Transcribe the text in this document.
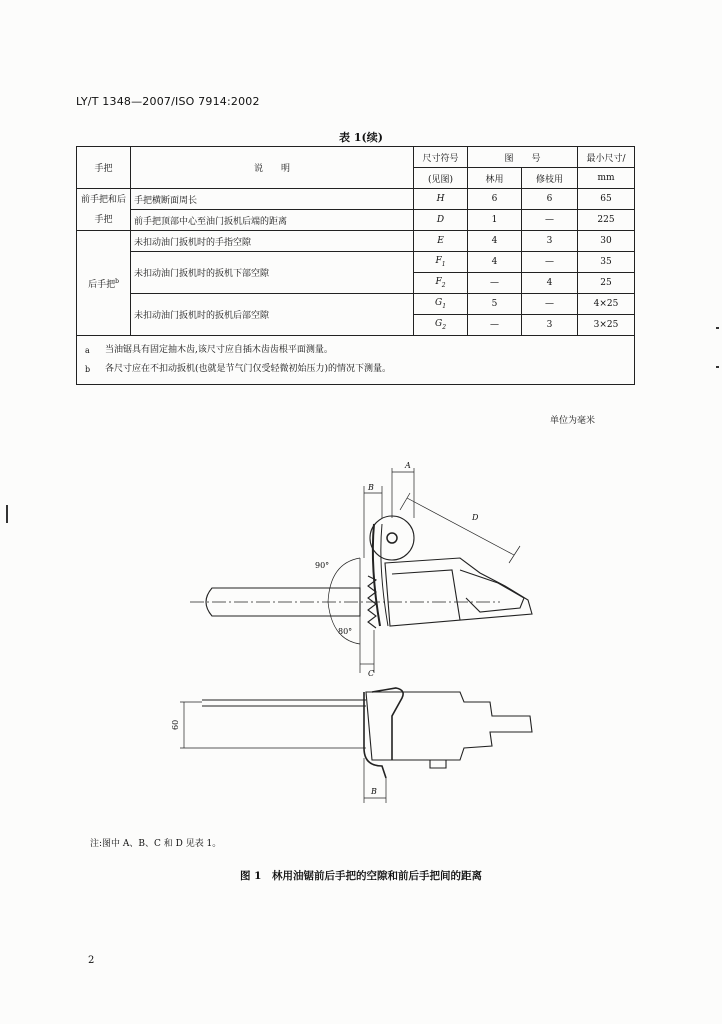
LY/T 1348—2007/ISO 7914:2002
表 1(续)
手把	说　　明	尺寸符号	图　　号		最小尺寸/
		(见图)	林用	修枝用	mm
前手把和后手把	手把横断面周长	H	6	6	65
	前手把顶部中心至油门扳机后端的距离	D	1	—	225
后手把$^b$	未扣动油门扳机时的手指空隙	E	4	3	30
	未扣动油门扳机时的扳机下部空隙	$F_1$	4	—	35
		$F_2$	—	4	25
	未扣动油门扳机时的扳机后部空隙	$G_1$	5	—	4×25
		$G_2$	—	3	3×25

a 当油锯具有固定抽木齿,该尺寸应自插木齿齿根平面测量。
b 各尺寸应在不扣动扳机(也就是节气门仅受轻微初始压力)的情况下测量。					
单位为毫米
A
B
D
90°
80°
C
60
B
注:图中 A、B、C 和 D 见表 1。
图 1　林用油锯前后手把的空隙和前后手把间的距离
2
